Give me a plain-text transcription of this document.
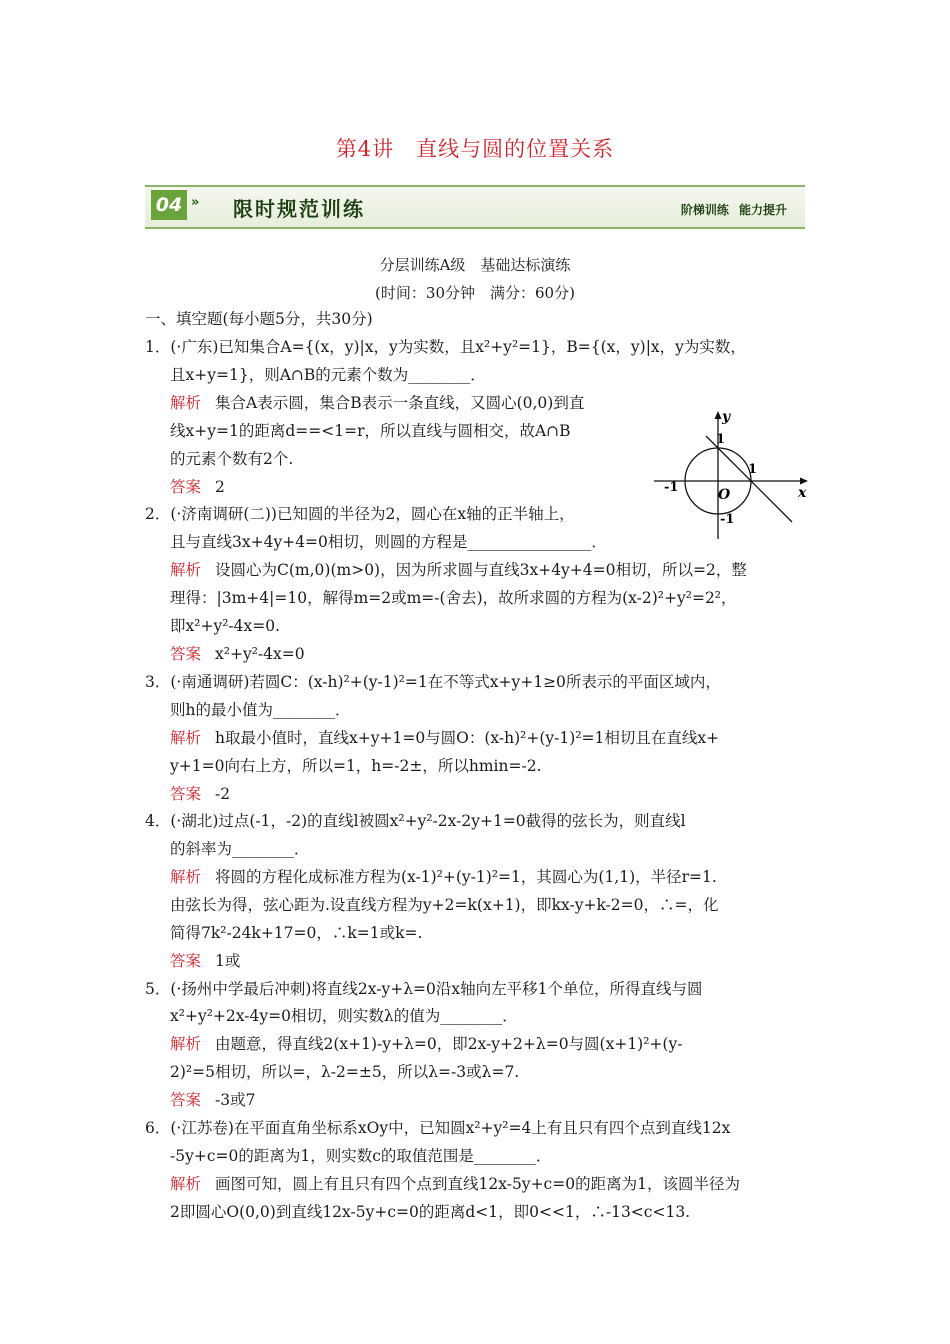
第4讲　直线与圆的位置关系
04 » 限时规范训练	阶梯训练 能力提升
分层训练A级　基础达标演练
(时间：30分钟　满分：60分)
一、填空题(每小题5分，共30分)
1．(·广东)已知集合A={(x，y)|x，y为实数，且x²+y²=1}，B={(x，y)|x，y为实数，
且x+y=1}，则A∩B的元素个数为________．
解析 集合A表示圆，集合B表示一条直线，又圆心(0,0)到直
线x+y=1的距离d==<1=r，所以直线与圆相交，故A∩B
的元素个数有2个.
答案 2
y
x
O
1
1
-1
-1
2．(·济南调研(二))已知圆的半径为2，圆心在x轴的正半轴上，
且与直线3x+4y+4=0相切，则圆的方程是________________．
解析 设圆心为C(m,0)(m>0)，因为所求圆与直线3x+4y+4=0相切，所以=2，整
理得：|3m+4|=10，解得m=2或m=-(舍去)，故所求圆的方程为(x-2)²+y²=2²，
即x²+y²-4x=0.
答案 x²+y²-4x=0
3．(·南通调研)若圆C：(x-h)²+(y-1)²=1在不等式x+y+1≥0所表示的平面区域内，
则h的最小值为________．
解析 h取最小值时，直线x+y+1=0与圆O：(x-h)²+(y-1)²=1相切且在直线x+
y+1=0向右上方，所以=1，h=-2±，所以hmin=-2.
答案 -2
4．(·湖北)过点(-1，-2)的直线l被圆x²+y²-2x-2y+1=0截得的弦长为，则直线l
的斜率为________．
解析 将圆的方程化成标准方程为(x-1)²+(y-1)²=1，其圆心为(1,1)，半径r=1.
由弦长为得，弦心距为.设直线方程为y+2=k(x+1)，即kx-y+k-2=0，∴=，化
简得7k²-24k+17=0，∴k=1或k=.
答案 1或
5．(·扬州中学最后冲刺)将直线2x-y+λ=0沿x轴向左平移1个单位，所得直线与圆
x²+y²+2x-4y=0相切，则实数λ的值为________．
解析 由题意，得直线2(x+1)-y+λ=0，即2x-y+2+λ=0与圆(x+1)²+(y-
2)²=5相切，所以=，λ-2=±5，所以λ=-3或λ=7.
答案 -3或7
6．(·江苏卷)在平面直角坐标系xOy中，已知圆x²+y²=4上有且只有四个点到直线12x
-5y+c=0的距离为1，则实数c的取值范围是________．
解析 画图可知，圆上有且只有四个点到直线12x-5y+c=0的距离为1，该圆半径为
2即圆心O(0,0)到直线12x-5y+c=0的距离d<1，即0<<1，∴-13<c<13.
